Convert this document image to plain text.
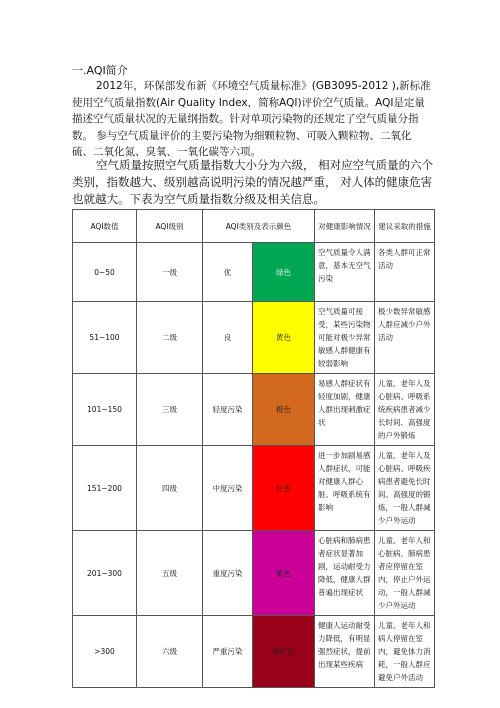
一.AQI简介
2012年，环保部发布新《环境空气质量标准》(GB3095-2012 ),新标准使用空气质量指数(Air Quality Index，简称AQI)评价空气质量。AQI是定量描述空气质量状况的无量纲指数。针对单项污染物的还规定了空气质量分指数。 参与空气质量评价的主要污染物为细颗粒物、可吸入颗粒物、二氧化硫、二氧化氮、臭氧、一氧化碳等六项。
空气质量按照空气质量指数大小分为六级， 相对应空气质量的六个类别，指数越大、级别越高说明污染的情况越严重， 对人体的健康危害也就越大。下表为空气质量指数分级及相关信息。
AQI数值	AQI级别	AQI类别及表示颜色		对健康影响情况	建议采取的措施
0~50	一级	优	绿色	空气质量令人满意，基本无空气污染	各类人群可正常活动
51~100	二级	良	黄色	空气质量可接受，某些污染物可能对极少异常敏感人群健康有较弱影响	极少数异常敏感人群应减少户外活动
101~150	三级	轻度污染	橙色	易感人群症状有轻度加剧，健康人群出现刺激症状	儿童、老年人及心脏病、呼吸系统疾病患者减少长时间、高强度的户外锻炼
151~200	四级	中度污染	红色	进一步加剧易感人群症状，可能对健康人群心脏、呼吸系统有影响	儿童、老年人及心脏病、呼吸疾病患者避免长时间、高强度的锻炼，一般人群减少户外运动
201~300	五级	重度污染	紫色	心脏病和肺病患者症状显著加剧，运动耐受力降低，健康人群普遍出现症状	儿童、老年人和心脏病、肺病患者应停留在室内，停止户外运动，一般人群减少户外运动
>300	六级	严重污染	褐红色	健康人运动耐受力降低，有明显强烈症状，提前出现某些疾病	儿童、老年人和病人停留在室内，避免体力消耗，一般人群应避免户外活动
